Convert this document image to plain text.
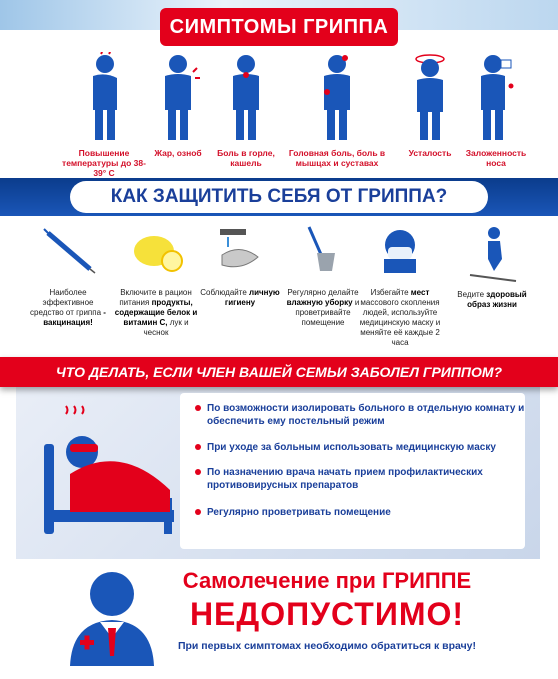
СИМПТОМЫ ГРИППА
Повышение температуры до 38-39° С
Жар, озноб	Боль в горле, кашель
Головная боль, боль в мышцах и суставах
Усталость	Заложенность носа
КАК ЗАЩИТИТЬ СЕБЯ ОТ ГРИППА?
Наиболее эффективное средство от гриппа - вакцинация!
Включите в рацион питания продукты, содержащие белок и витамин С, лук и чеснок
Соблюдайте личную гигиену
Регулярно делайте влажную уборку и проветривайте помещение
Избегайте мест массового скопления людей, используйте медицинскую маску и меняйте её каждые 2 часа
Ведите здоровый образ жизни
ЧТО ДЕЛАТЬ, ЕСЛИ ЧЛЕН ВАШЕЙ СЕМЬИ ЗАБОЛЕЛ ГРИППОМ?
По возможности изолировать больного в отдельную комнату и обеспечить ему постельный режим
При уходе за больным использовать медицинскую маску
По назначению врача начать прием профилактических противовирусных препаратов
Регулярно проветривать помещение
Самолечение при ГРИППЕ
НЕДОПУСТИМО!
При первых симптомах необходимо обратиться к врачу!
